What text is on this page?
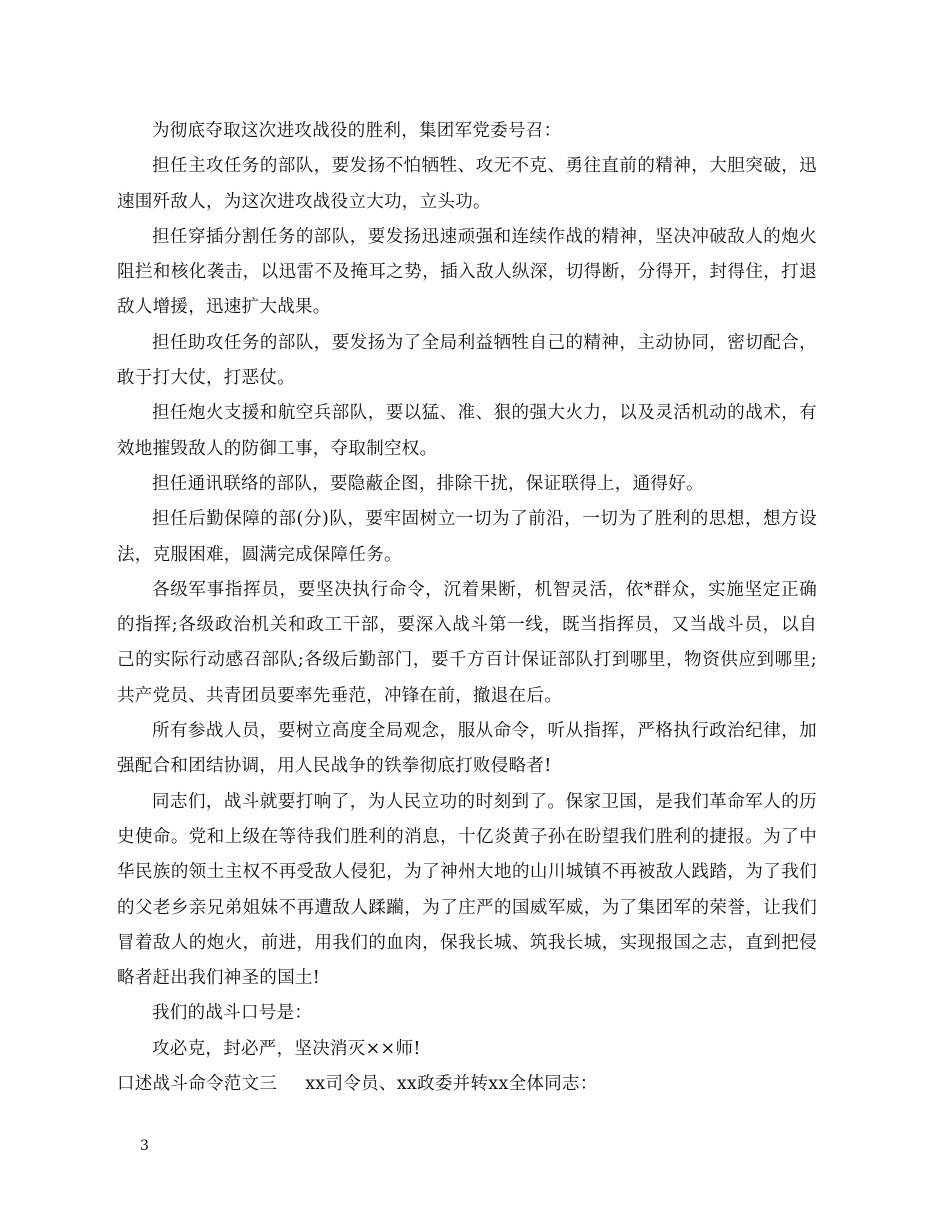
为彻底夺取这次进攻战役的胜利，集团军党委号召：

担任主攻任务的部队，要发扬不怕牺牲、攻无不克、勇往直前的精神，大胆突破，迅速围歼敌人，为这次进攻战役立大功，立头功。

担任穿插分割任务的部队，要发扬迅速顽强和连续作战的精神，坚决冲破敌人的炮火阻拦和核化袭击，以迅雷不及掩耳之势，插入敌人纵深，切得断，分得开，封得住，打退敌人增援，迅速扩大战果。

担任助攻任务的部队，要发扬为了全局利益牺牲自己的精神，主动协同，密切配合，敢于打大仗，打恶仗。

担任炮火支援和航空兵部队，要以猛、准、狠的强大火力，以及灵活机动的战术，有效地摧毁敌人的防御工事，夺取制空权。

担任通讯联络的部队，要隐蔽企图，排除干扰，保证联得上，通得好。

担任后勤保障的部(分)队，要牢固树立一切为了前沿，一切为了胜利的思想，想方设法，克服困难，圆满完成保障任务。

各级军事指挥员，要坚决执行命令，沉着果断，机智灵活，依*群众，实施坚定正确的指挥;各级政治机关和政工干部，要深入战斗第一线，既当指挥员，又当战斗员，以自己的实际行动感召部队;各级后勤部门，要千方百计保证部队打到哪里，物资供应到哪里;共产党员、共青团员要率先垂范，冲锋在前，撤退在后。

所有参战人员，要树立高度全局观念，服从命令，听从指挥，严格执行政治纪律，加强配合和团结协调，用人民战争的铁拳彻底打败侵略者!

同志们，战斗就要打响了，为人民立功的时刻到了。保家卫国，是我们革命军人的历史使命。党和上级在等待我们胜利的消息，十亿炎黄子孙在盼望我们胜利的捷报。为了中华民族的领土主权不再受敌人侵犯，为了神州大地的山川城镇不再被敌人践踏，为了我们的父老乡亲兄弟姐妹不再遭敌人蹂躏，为了庄严的国威军威，为了集团军的荣誉，让我们冒着敌人的炮火，前进，用我们的血肉，保我长城、筑我长城，实现报国之志，直到把侵略者赶出我们神圣的国土!

我们的战斗口号是：

攻必克，封必严，坚决消灭××师!

口述战斗命令范文三 xx司令员、xx政委并转xx全体同志：

3
